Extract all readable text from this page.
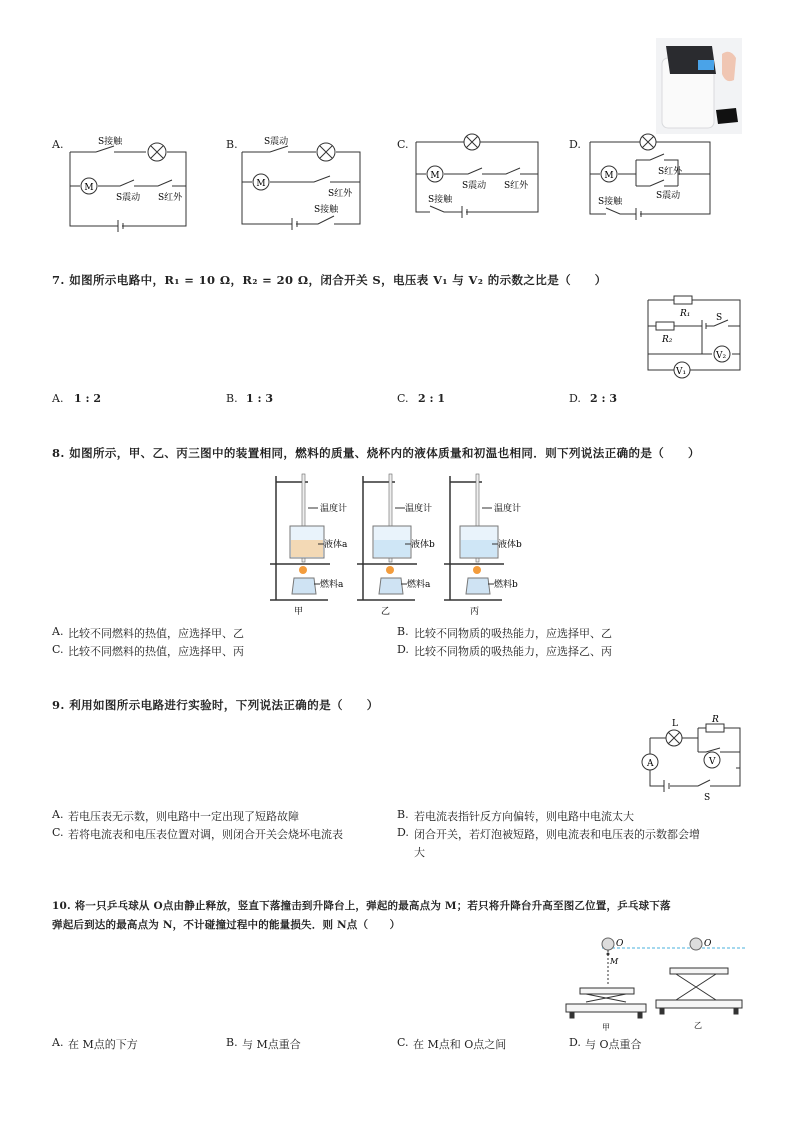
A.
M
S接触
S震动 S红外
B.
M
S震动
S红外
S接触
C.
M
S震动 S红外
S接触
D.
M	S红外
S震动
S接触
7. 如图所示电路中，R₁ = 10 Ω，R₂ = 20 Ω，闭合开关 S，电压表 V₁ 与 V₂ 的示数之比是（　　）
R₁
R₂
S
V₂
V₁
A. 1 : 2	B. 1 : 3	C. 2 : 1	D. 2 : 3
8. 如图所示，甲、乙、丙三图中的装置相同，燃料的质量、烧杯内的液体质量和初温也相同．则下列说法正确的是（　　）
温度计
液体a
燃料a
甲
温度计
液体b
燃料a
乙
温度计
液体b
燃料b
丙
A. 比较不同燃料的热值，应选择甲、乙	B. 比较不同物质的吸热能力，应选择甲、乙
C. 比较不同燃料的热值，应选择甲、丙	D. 比较不同物质的吸热能力，应选择乙、丙
9. 利用如图所示电路进行实验时，下列说法正确的是（　　）
L	R
A	V
S
A. 若电压表无示数，则电路中一定出现了短路故障	B. 若电流表指针反方向偏转，则电路中电流太大
C. 若将电流表和电压表位置对调，则闭合开关会烧坏电流表	D. 闭合开关，若灯泡被短路，则电流表和电压表的示数都会增
大
10. 将一只乒乓球从 O点由静止释放，竖直下落撞击到升降台上，弹起的最高点为 M；若只将升降台升高至图乙位置，乒乓球下落
弹起后到达的最高点为 N，不计碰撞过程中的能量损失．则 N点（　　）
O	O
M
甲	乙
A. 在 M点的下方	B. 与 M点重合	C. 在 M点和 O点之间	D. 与 O点重合
